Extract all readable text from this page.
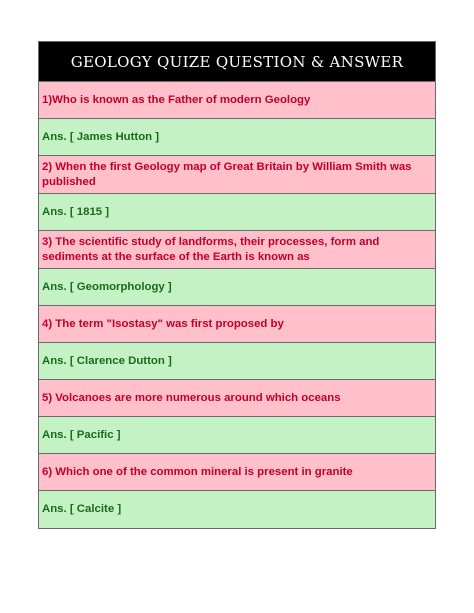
GEOLOGY QUIZE QUESTION & ANSWER
1)Who is known as the Father of modern Geology
Ans. [ James Hutton ]
2) When the first Geology map of Great Britain by William Smith was published
Ans. [ 1815 ]
3) The scientific study of landforms, their processes, form and sediments at the surface of the Earth is known as
Ans. [ Geomorphology ]
4) The term "Isostasy" was first proposed by
Ans. [ Clarence Dutton ]
5) Volcanoes are more numerous around which oceans
Ans. [ Pacific ]
6) Which one of the common mineral is present in granite
Ans. [ Calcite ]
